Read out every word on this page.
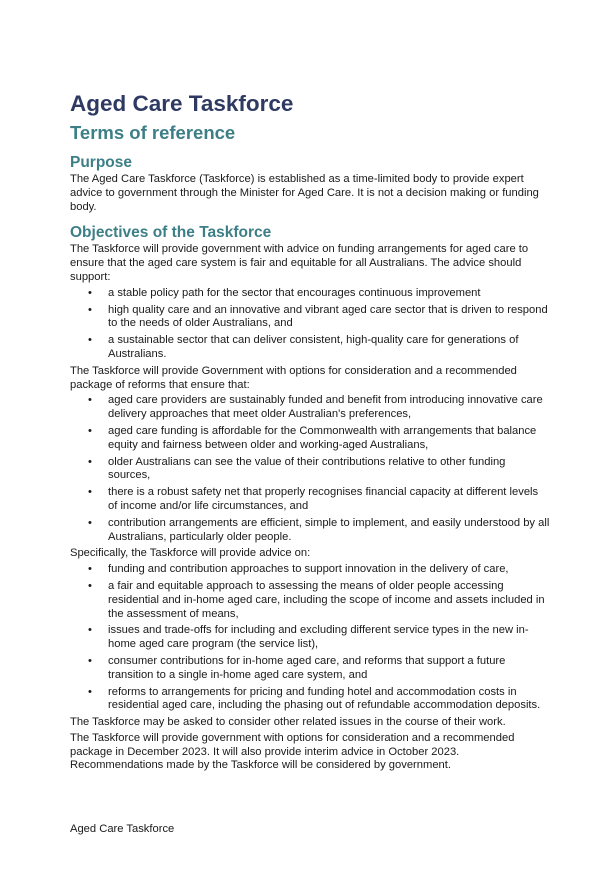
Aged Care Taskforce
Terms of reference
Purpose

The Aged Care Taskforce (Taskforce) is established as a time-limited body to provide expert advice to government through the Minister for Aged Care. It is not a decision making or funding body.

Objectives of the Taskforce

The Taskforce will provide government with advice on funding arrangements for aged care to ensure that the aged care system is fair and equitable for all Australians. The advice should support:

• a stable policy path for the sector that encourages continuous improvement
• high quality care and an innovative and vibrant aged care sector that is driven to respond to the needs of older Australians, and
• a sustainable sector that can deliver consistent, high-quality care for generations of Australians.

The Taskforce will provide Government with options for consideration and a recommended package of reforms that ensure that:

• aged care providers are sustainably funded and benefit from introducing innovative care delivery approaches that meet older Australian's preferences,
• aged care funding is affordable for the Commonwealth with arrangements that balance equity and fairness between older and working-aged Australians,
• older Australians can see the value of their contributions relative to other funding sources,
• there is a robust safety net that properly recognises financial capacity at different levels of income and/or life circumstances, and
• contribution arrangements are efficient, simple to implement, and easily understood by all Australians, particularly older people.

Specifically, the Taskforce will provide advice on:

• funding and contribution approaches to support innovation in the delivery of care,
• a fair and equitable approach to assessing the means of older people accessing residential and in-home aged care, including the scope of income and assets included in the assessment of means,
• issues and trade-offs for including and excluding different service types in the new in-home aged care program (the service list),
• consumer contributions for in-home aged care, and reforms that support a future transition to a single in-home aged care system, and
• reforms to arrangements for pricing and funding hotel and accommodation costs in residential aged care, including the phasing out of refundable accommodation deposits.

The Taskforce may be asked to consider other related issues in the course of their work.

The Taskforce will provide government with options for consideration and a recommended package in December 2023. It will also provide interim advice in October 2023. Recommendations made by the Taskforce will be considered by government.

Aged Care Taskforce
